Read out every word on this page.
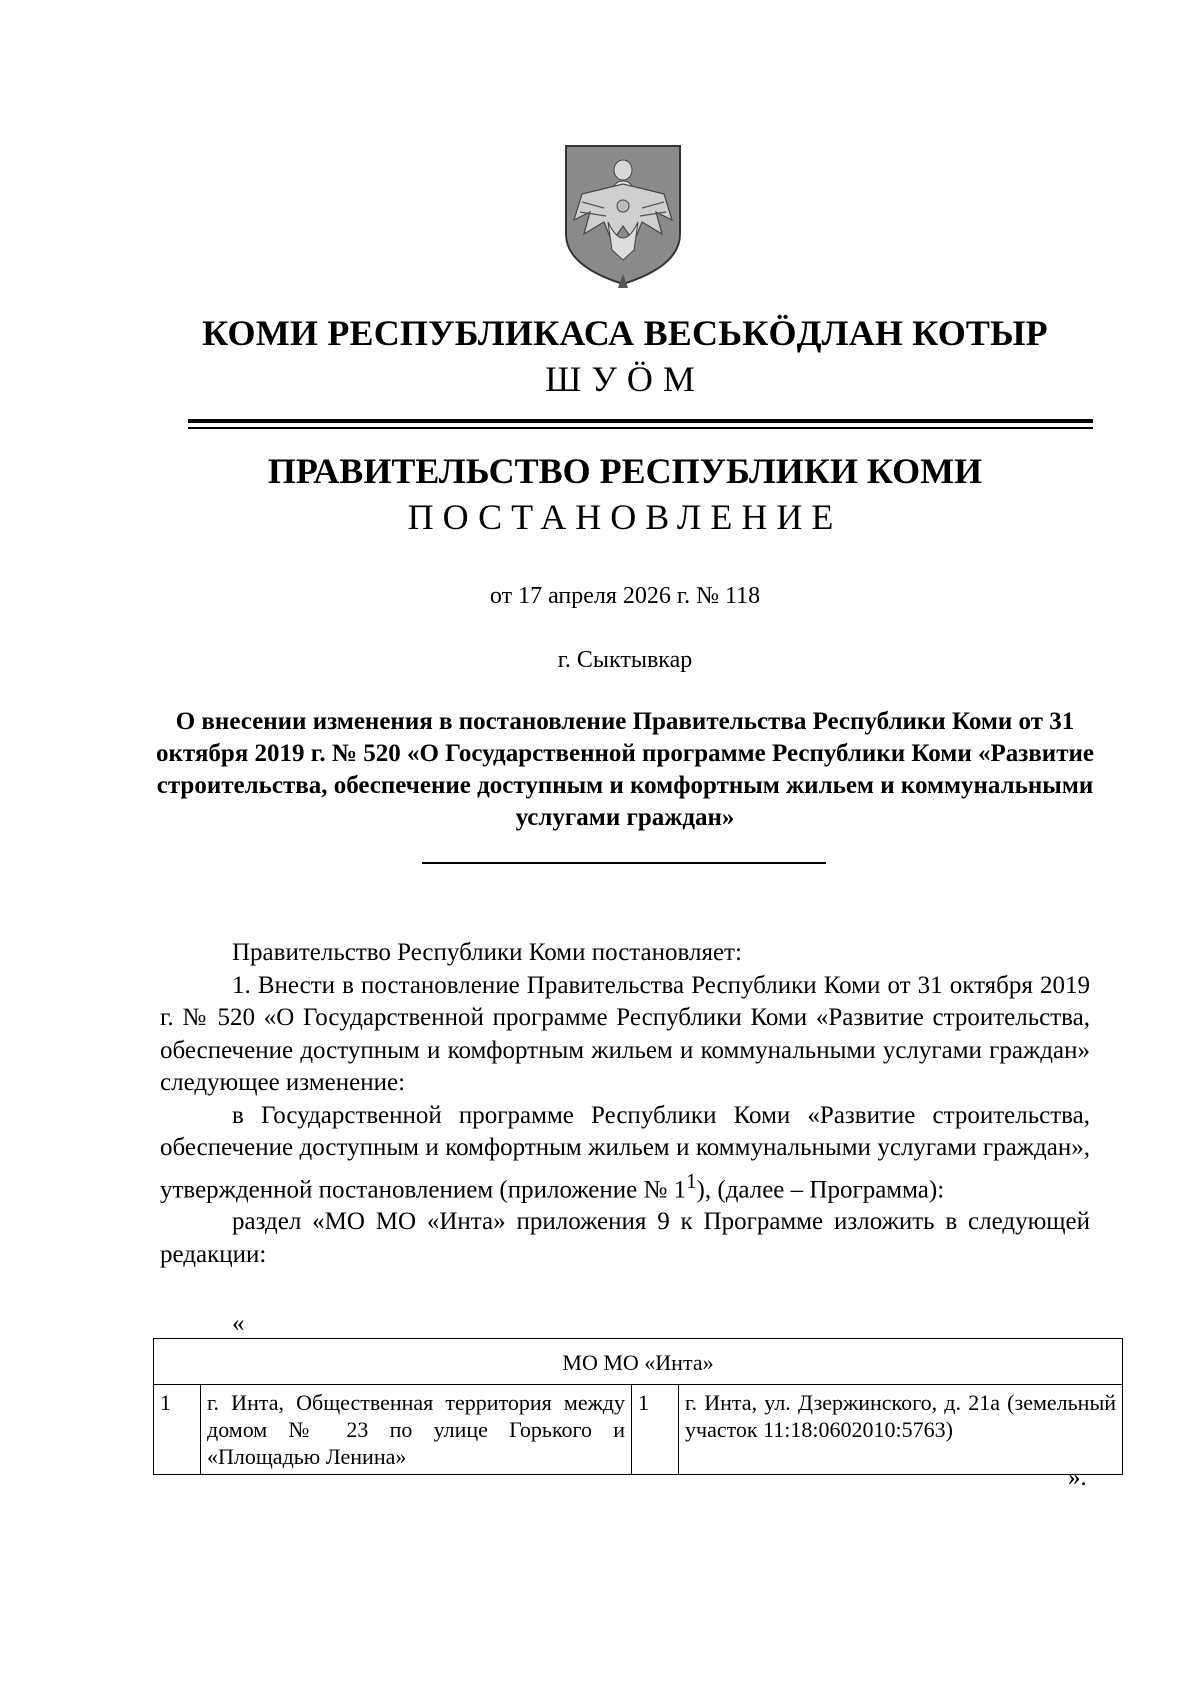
КОМИ РЕСПУБЛИКАСА ВЕСЬКӦДЛАН КОТЫР
ШУӦМ
ПРАВИТЕЛЬСТВО РЕСПУБЛИКИ КОМИ
ПОСТАНОВЛЕНИЕ
от 17 апреля 2026 г. № 118
г. Сыктывкар
О внесении изменения в постановление Правительства Республики Коми от 31 октября 2019 г. № 520 «О Государственной программе Республики Коми «Развитие строительства, обеспечение доступным и комфортным жильем и коммунальными услугами граждан»

Правительство Республики Коми постановляет:

1. Внести в постановление Правительства Республики Коми от 31 октября 2019 г. № 520 «О Государственной программе Республики Коми «Развитие строительства, обеспечение доступным и комфортным жильем и коммунальными услугами граждан» следующее изменение:

в Государственной программе Республики Коми «Развитие строительства, обеспечение доступным и комфортным жильем и коммунальными услугами граждан», утвержденной постановлением (приложение № $1^1$), (далее – Программа):

раздел «МО МО «Инта» приложения 9 к Программе изложить в следующей редакции:

«
МО МО «Инта»
1	г. Инта, Общественная территория между домом № 23 по улице Горького и «Площадью Ленина»	1	г. Инта, ул. Дзержинского, д. 21а (земельный участок 11:18:0602010:5763)
».
